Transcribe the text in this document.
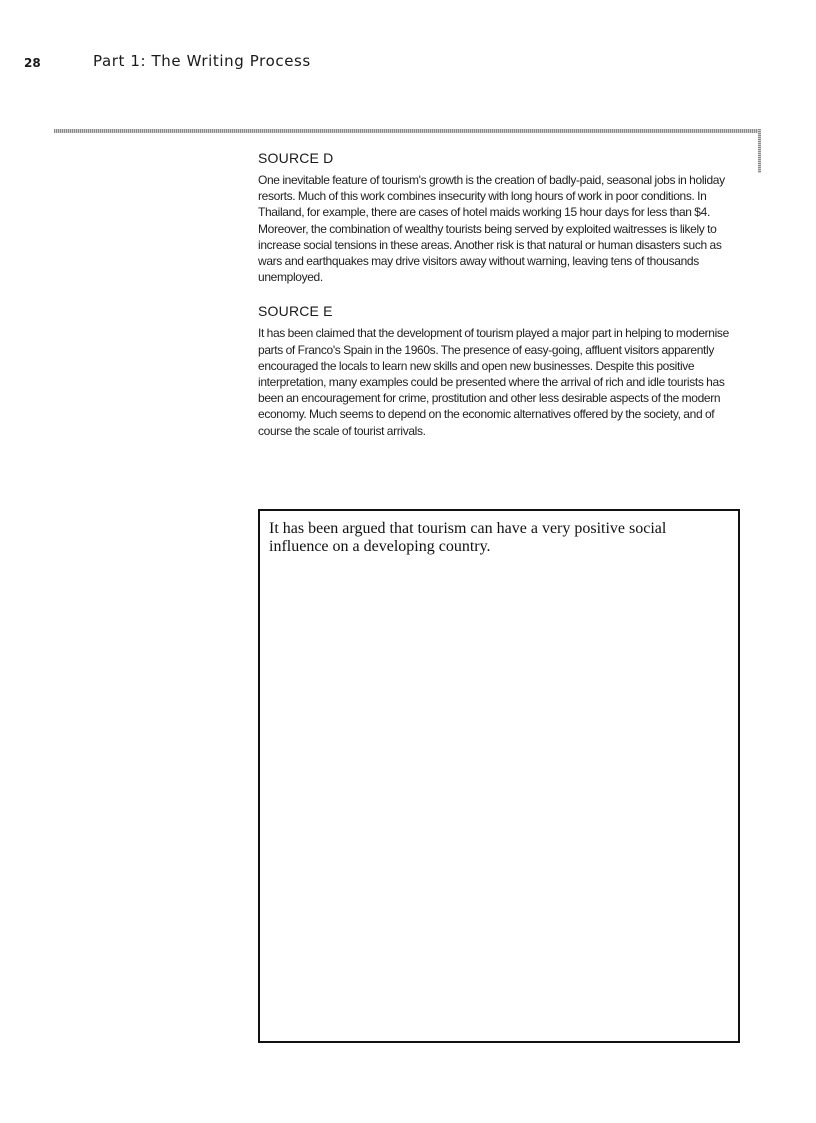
28	Part 1: The Writing Process

SOURCE D

One inevitable feature of tourism's growth is the creation of badly-paid, seasonal jobs in holiday resorts. Much of this work combines insecurity with long hours of work in poor conditions. In Thailand, for example, there are cases of hotel maids working 15 hour days for less than $4. Moreover, the combination of wealthy tourists being served by exploited waitresses is likely to increase social tensions in these areas. Another risk is that natural or human disasters such as wars and earthquakes may drive visitors away without warning, leaving tens of thousands unemployed.

SOURCE E

It has been claimed that the development of tourism played a major part in helping to modernise parts of Franco's Spain in the 1960s. The presence of easy-going, affluent visitors apparently encouraged the locals to learn new skills and open new businesses. Despite this positive interpretation, many examples could be presented where the arrival of rich and idle tourists has been an encouragement for crime, prostitution and other less desirable aspects of the modern economy. Much seems to depend on the economic alternatives offered by the society, and of course the scale of tourist arrivals.

It has been argued that tourism can have a very positive social influence on a developing country.
